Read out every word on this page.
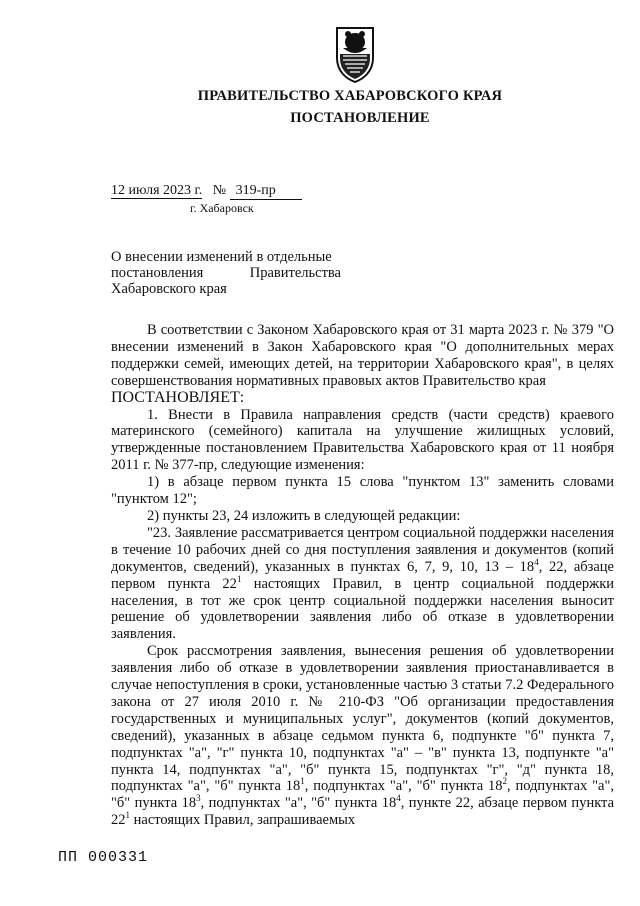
ПРАВИТЕЛЬСТВО ХАБАРОВСКОГО КРАЯ
ПОСТАНОВЛЕНИЕ
12 июля 2023 г. № 319-пр
г. Хабаровск
О внесении изменений в отдельные
постановления	Правительства
Хабаровского края

В соответствии с Законом Хабаровского края от 31 марта 2023 г. № 379 "О внесении изменений в Закон Хабаровского края "О дополнительных мерах поддержки семей, имеющих детей, на территории Хабаровского края", в целях совершенствования нормативных правовых актов Правительство края

ПОСТАНОВЛЯЕТ:

1. Внести в Правила направления средств (части средств) краевого материнского (семейного) капитала на улучшение жилищных условий, утвержденные постановлением Правительства Хабаровского края от 11 ноября 2011 г. № 377-пр, следующие изменения:

1) в абзаце первом пункта 15 слова "пунктом 13" заменить словами "пунктом 12";

2) пункты 23, 24 изложить в следующей редакции:

"23. Заявление рассматривается центром социальной поддержки населения в течение 10 рабочих дней со дня поступления заявления и документов (копий документов, сведений), указанных в пунктах 6, 7, 9, 10, $13 - 18^4$, 22, абзаце первом пункта $22^1$ настоящих Правил, в центр социальной поддержки населения, в тот же срок центр социальной поддержки населения выносит решение об удовлетворении заявления либо об отказе в удовлетворении заявления.

Срок рассмотрения заявления, вынесения решения об удовлетворении заявления либо об отказе в удовлетворении заявления приостанавливается в случае непоступления в сроки, установленные частью 3 статьи 7.2 Федерального закона от 27 июля 2010 г. № 210-ФЗ "Об организации предоставления государственных и муниципальных услуг", документов (копий документов, сведений), указанных в абзаце седьмом пункта 6, подпункте "б" пункта 7, подпунктах "а", "г" пункта 10, подпунктах "а" – "в" пункта 13, подпункте "а" пункта 14, подпунктах "а", "б" пункта 15, подпунктах "г", "д" пункта 18, подпунктах "а", "б" пункта $18^1$, подпунктах "а", "б" пункта $18^2$, подпунктах "а", "б" пункта $18^3$, подпунктах "а", "б" пункта $18^4$, пункте 22, абзаце первом пункта $22^1$ настоящих Правил, запрашиваемых

ПП 000331
